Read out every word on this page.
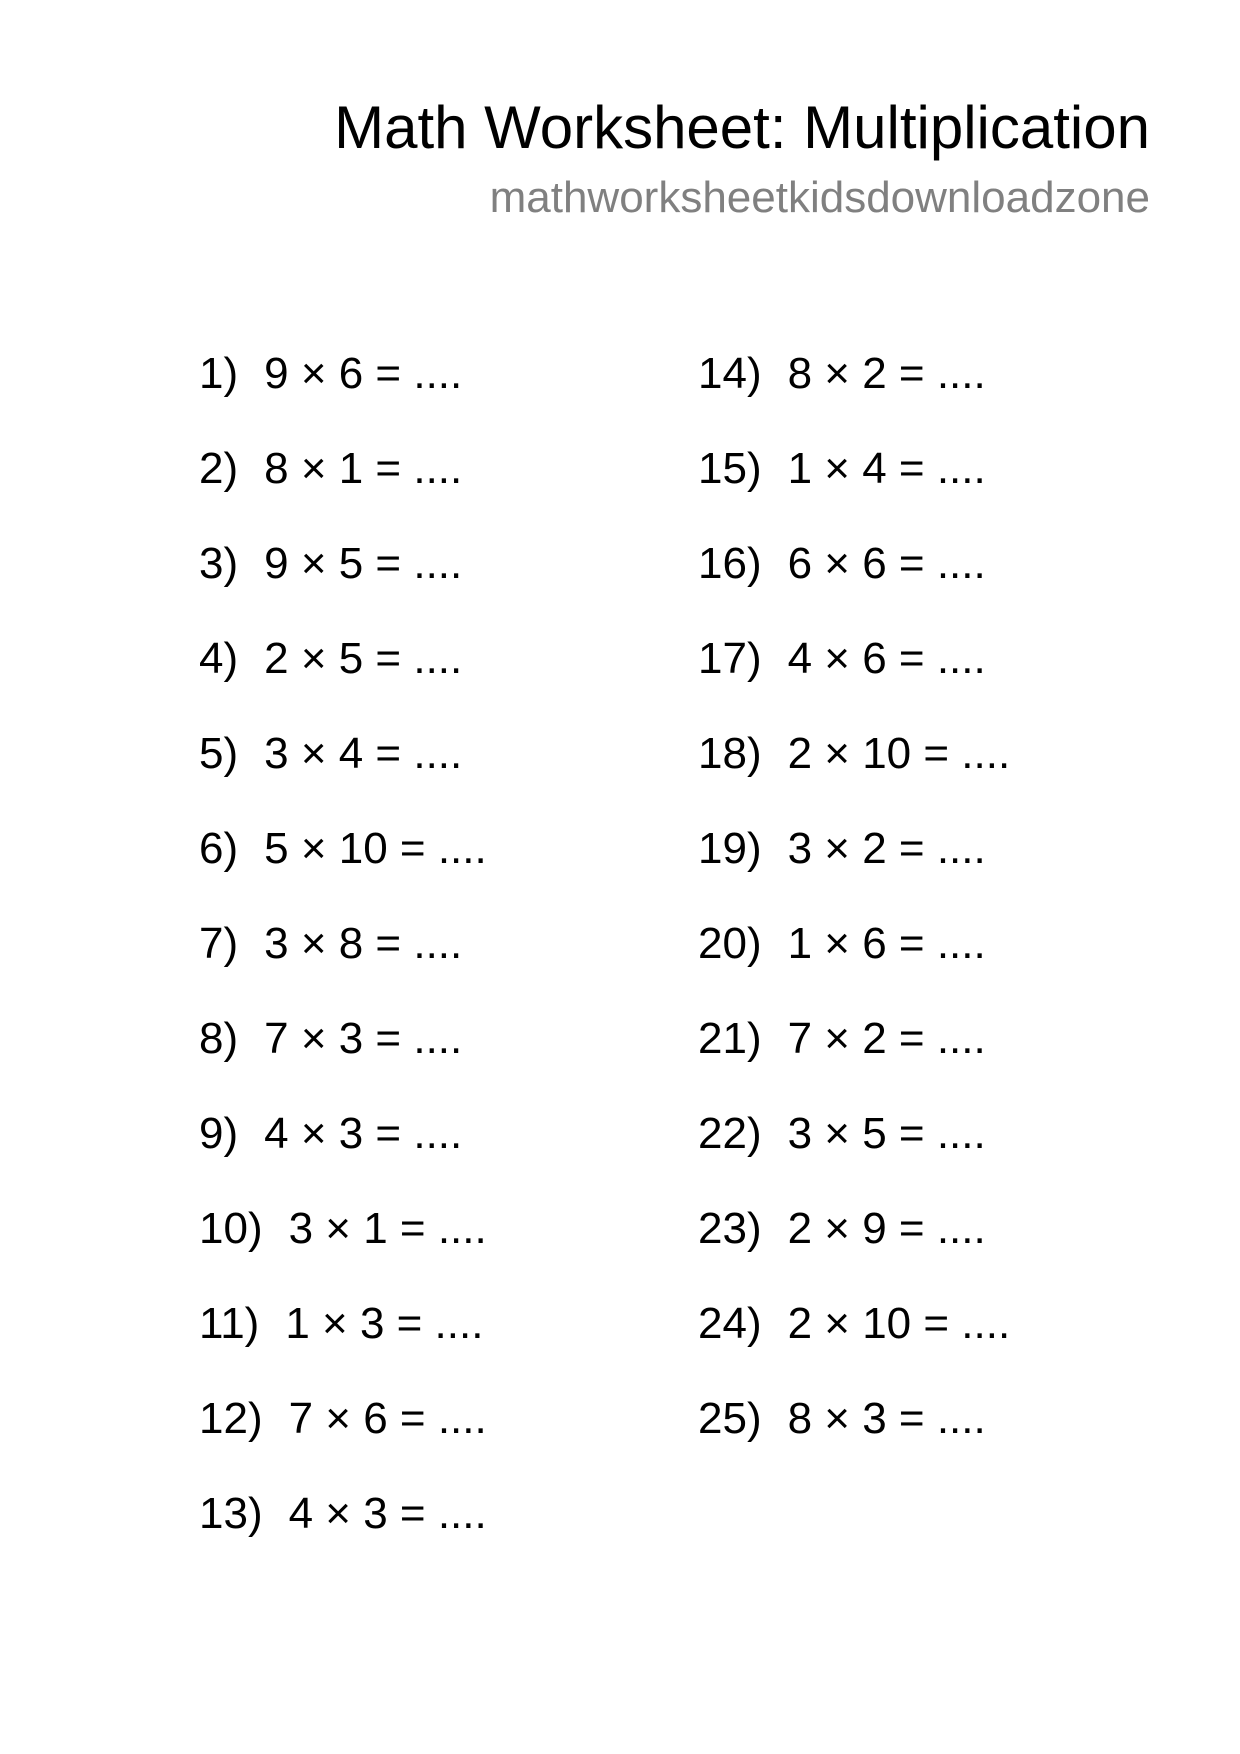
Math Worksheet: Multiplication
mathworksheetkidsdownloadzone
1) 9 × 6 = ....
2) 8 × 1 = ....
3) 9 × 5 = ....
4) 2 × 5 = ....
5) 3 × 4 = ....
6) 5 × 10 = ....
7) 3 × 8 = ....
8) 7 × 3 = ....
9) 4 × 3 = ....
10) 3 × 1 = ....
11) 1 × 3 = ....
12) 7 × 6 = ....
13) 4 × 3 = ....
14) 8 × 2 = ....
15) 1 × 4 = ....
16) 6 × 6 = ....
17) 4 × 6 = ....
18) 2 × 10 = ....
19) 3 × 2 = ....
20) 1 × 6 = ....
21) 7 × 2 = ....
22) 3 × 5 = ....
23) 2 × 9 = ....
24) 2 × 10 = ....
25) 8 × 3 = ....
